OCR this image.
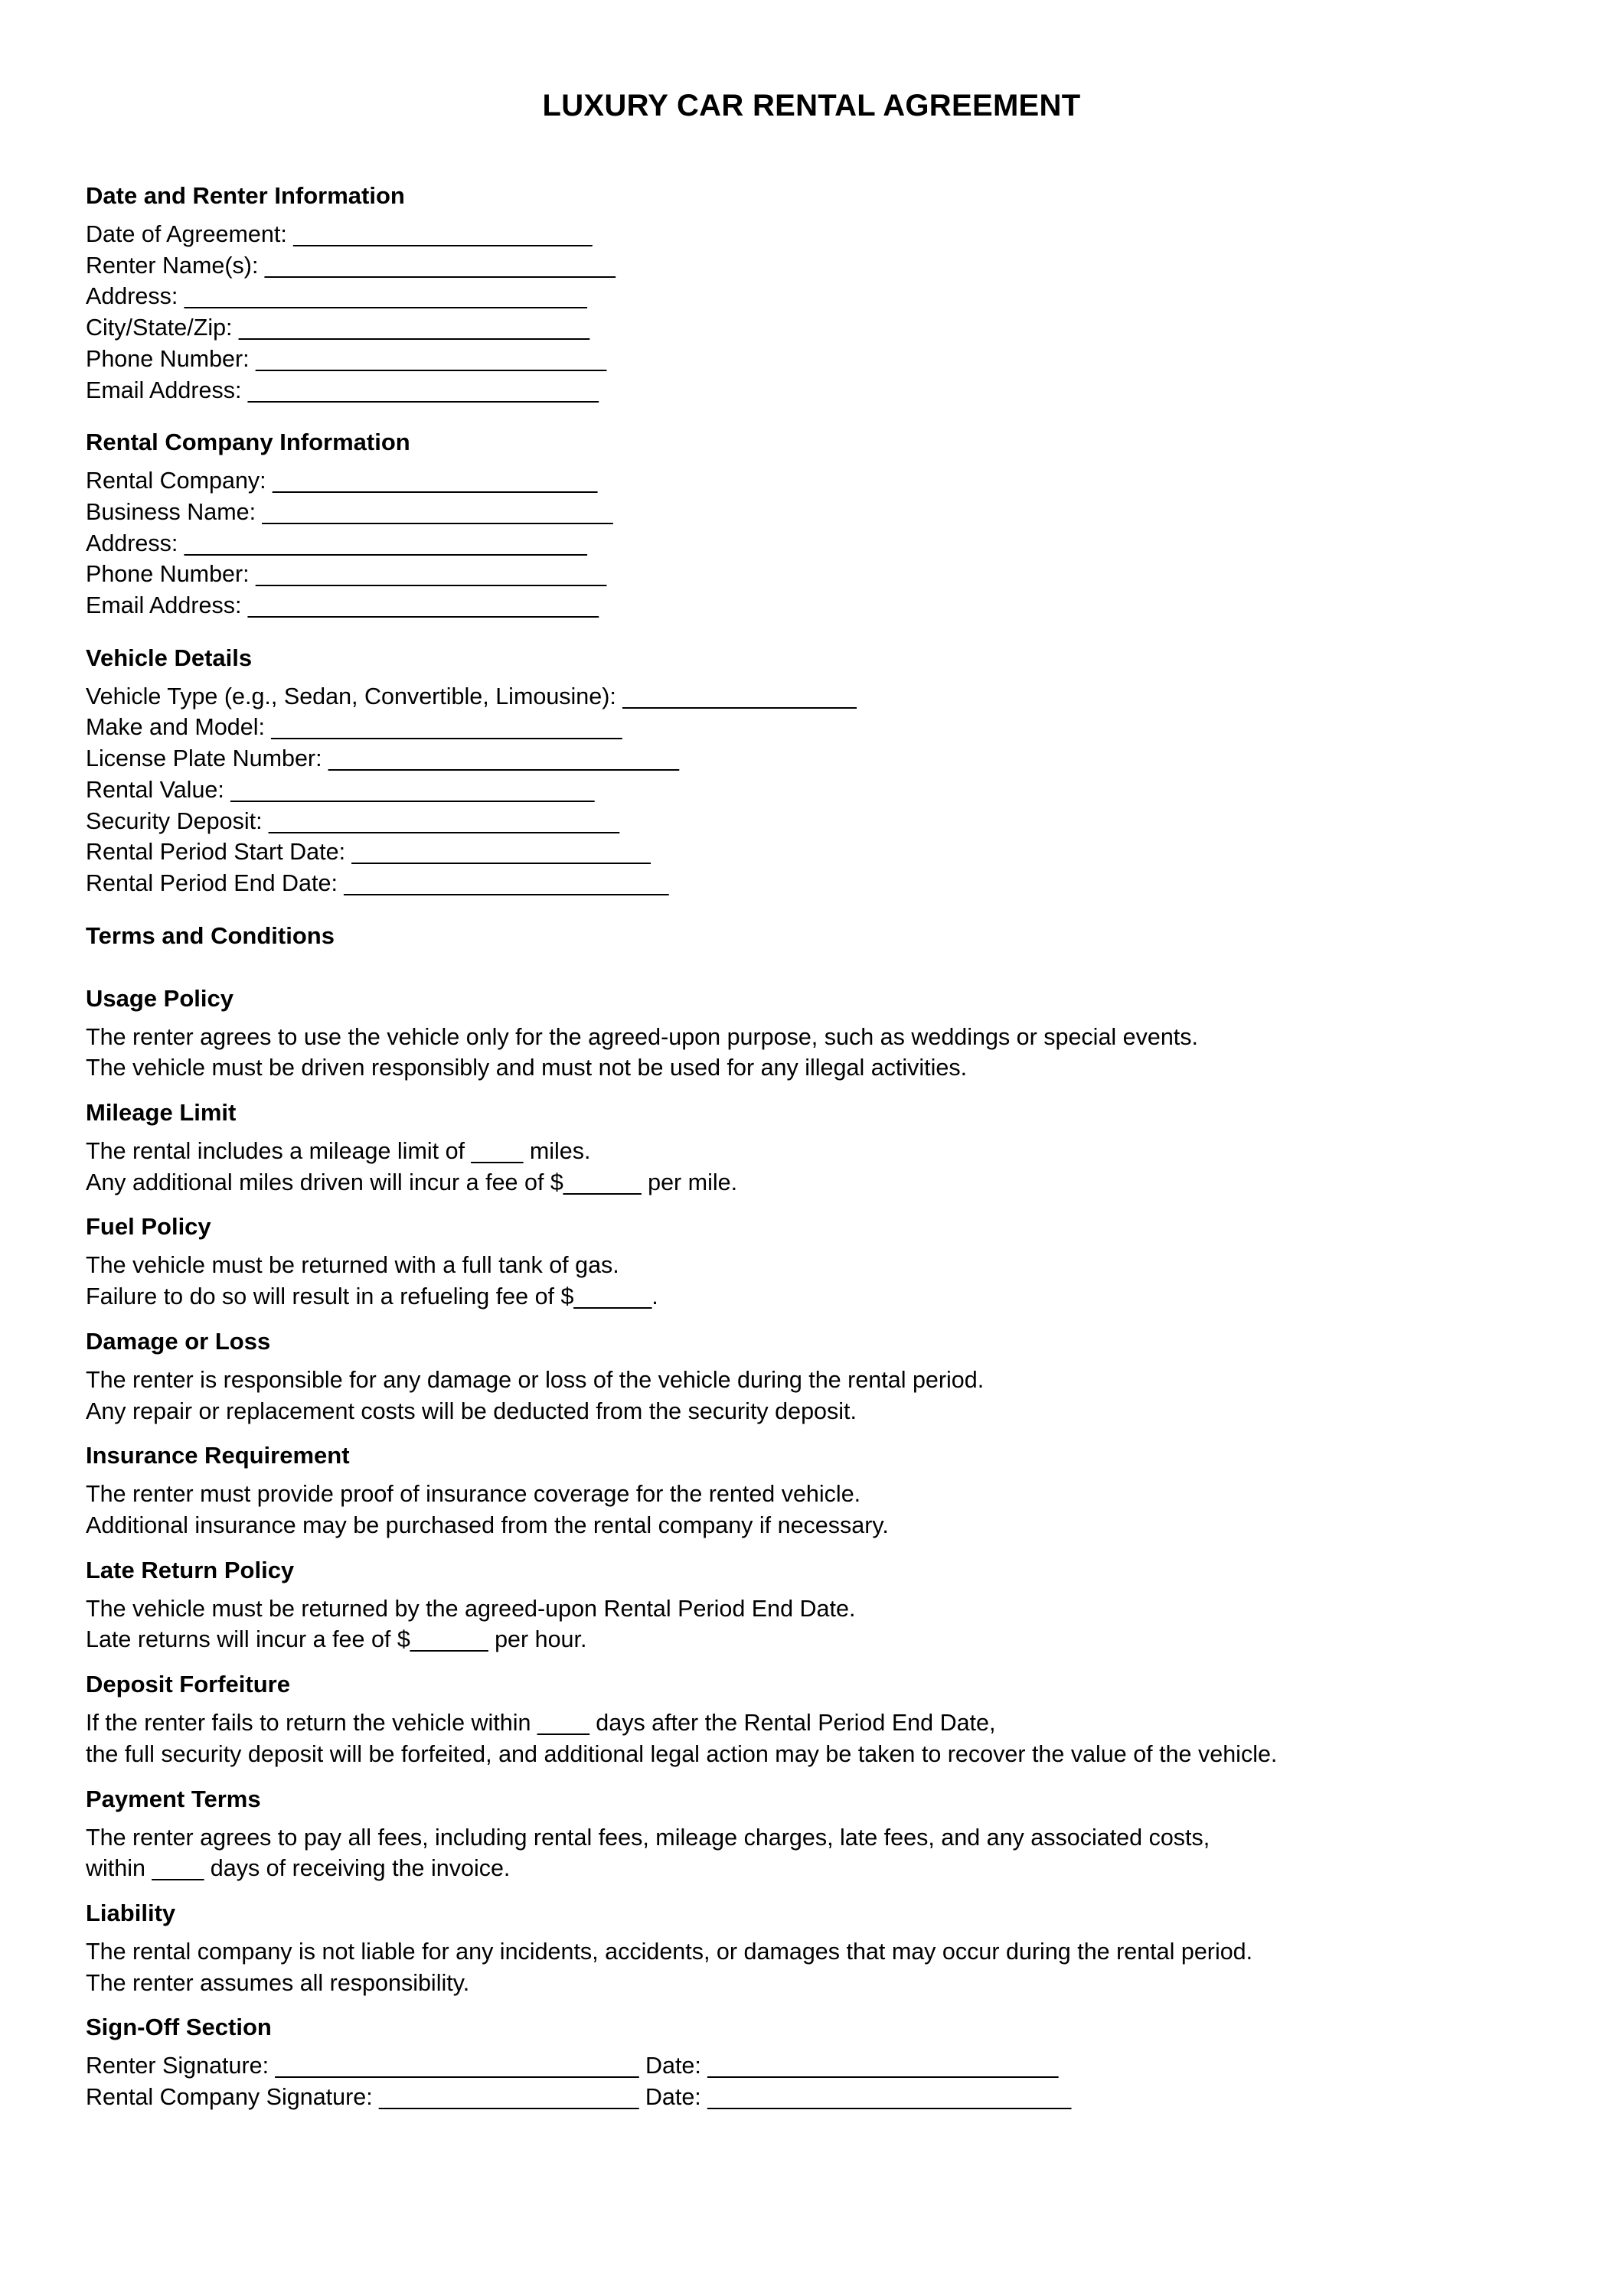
LUXURY CAR RENTAL AGREEMENT
Date and Renter Information
Date of Agreement: _______________________
Renter Name(s): ___________________________
Address: _______________________________
City/State/Zip: ___________________________
Phone Number: ___________________________
Email Address: ___________________________
Rental Company Information
Rental Company: _________________________
Business Name: ___________________________
Address: _______________________________
Phone Number: ___________________________
Email Address: ___________________________
Vehicle Details
Vehicle Type (e.g., Sedan, Convertible, Limousine): __________________
Make and Model: ___________________________
License Plate Number: ___________________________
Rental Value: ____________________________
Security Deposit: ___________________________
Rental Period Start Date: _______________________
Rental Period End Date: _________________________
Terms and Conditions
Usage Policy
The renter agrees to use the vehicle only for the agreed-upon purpose, such as weddings or special events.
The vehicle must be driven responsibly and must not be used for any illegal activities.
Mileage Limit
The rental includes a mileage limit of ____ miles.
Any additional miles driven will incur a fee of $______ per mile.
Fuel Policy
The vehicle must be returned with a full tank of gas.
Failure to do so will result in a refueling fee of $______.
Damage or Loss
The renter is responsible for any damage or loss of the vehicle during the rental period.
Any repair or replacement costs will be deducted from the security deposit.
Insurance Requirement
The renter must provide proof of insurance coverage for the rented vehicle.
Additional insurance may be purchased from the rental company if necessary.
Late Return Policy
The vehicle must be returned by the agreed-upon Rental Period End Date.
Late returns will incur a fee of $______ per hour.
Deposit Forfeiture
If the renter fails to return the vehicle within ____ days after the Rental Period End Date,
the full security deposit will be forfeited, and additional legal action may be taken to recover the value of the vehicle.
Payment Terms
The renter agrees to pay all fees, including rental fees, mileage charges, late fees, and any associated costs,
within ____ days of receiving the invoice.
Liability
The rental company is not liable for any incidents, accidents, or damages that may occur during the rental period.
The renter assumes all responsibility.
Sign-Off Section
Renter Signature: ____________________________ Date: ___________________________
Rental Company Signature: ____________________ Date: ____________________________
